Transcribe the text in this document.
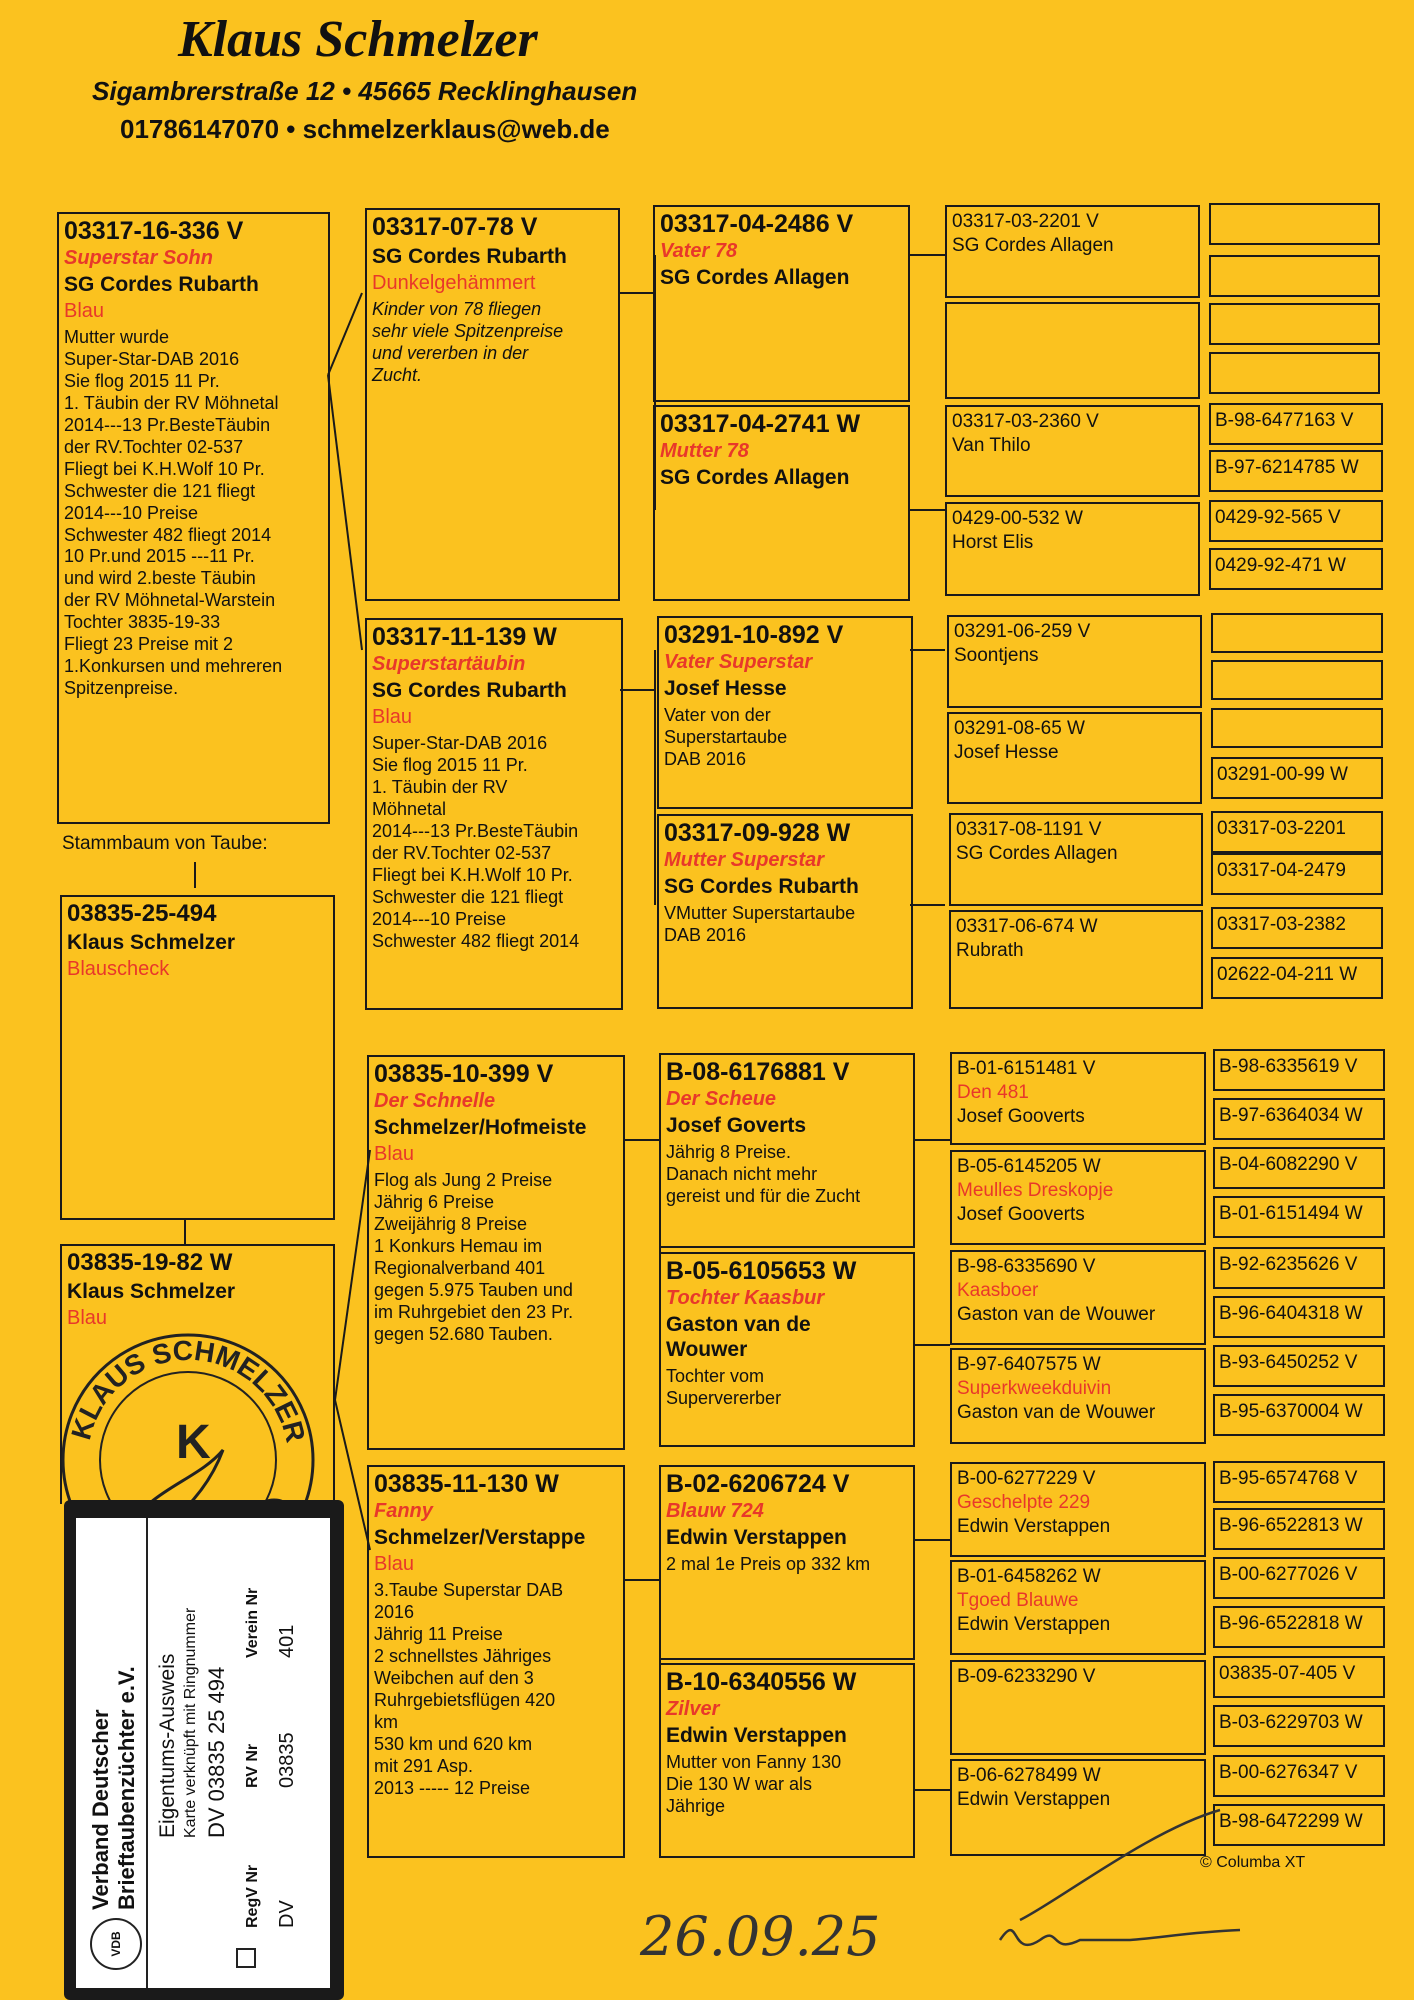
Klaus Schmelzer
Sigambrerstraße 12 • 45665 Recklinghausen
01786147070 • schmelzerklaus@web.de
03317-16-336 V
Superstar Sohn
SG Cordes Rubarth
Blau
Mutter wurde
Super-Star-DAB 2016
Sie flog 2015 11 Pr.
1. Täubin der RV Möhnetal
2014---13 Pr.BesteTäubin
der RV.Tochter 02-537
Fliegt bei K.H.Wolf 10 Pr.
Schwester die 121 fliegt
2014---10 Preise
Schwester 482 fliegt 2014
10 Pr.und 2015 ---11 Pr.
und wird 2.beste Täubin
der RV Möhnetal-Warstein
Tochter 3835-19-33
Fliegt 23 Preise mit 2
1.Konkursen und mehreren
Spitzenpreise.
Stammbaum von Taube:
03835-25-494
Klaus Schmelzer
Blauscheck
03835-19-82 W
Klaus Schmelzer
Blau
03317-07-78 V
SG Cordes Rubarth
Dunkelgehämmert
Kinder von 78 fliegen
sehr viele Spitzenpreise
und vererben in der
Zucht.
03317-11-139 W
Superstartäubin
SG Cordes Rubarth
Blau
Super-Star-DAB 2016
Sie flog 2015 11 Pr.
1. Täubin der RV
Möhnetal
2014---13 Pr.BesteTäubin
der RV.Tochter 02-537
Fliegt bei K.H.Wolf 10 Pr.
Schwester die 121 fliegt
2014---10 Preise
Schwester 482 fliegt 2014
03835-10-399 V
Der Schnelle
Schmelzer/Hofmeiste
Blau
Flog als Jung 2 Preise
Jährig 6 Preise
Zweijährig 8 Preise
1 Konkurs Hemau im
Regionalverband 401
gegen 5.975 Tauben und
im Ruhrgebiet den 23 Pr.
gegen 52.680 Tauben.
03835-11-130 W
Fanny
Schmelzer/Verstappe
Blau
3.Taube Superstar DAB
2016
Jährig 11 Preise
2 schnellstes Jähriges
Weibchen auf den 3
Ruhrgebietsflügen 420
km
530 km und 620 km
mit 291 Asp.
2013 ----- 12 Preise
03317-04-2486 V
Vater 78
SG Cordes Allagen
03317-04-2741 W
Mutter 78
SG Cordes Allagen
03291-10-892 V
Vater Superstar
Josef Hesse
Vater von der
Superstartaube
DAB 2016
03317-09-928 W
Mutter Superstar
SG Cordes Rubarth
VMutter Superstartaube
DAB 2016
B-08-6176881 V
Der Scheue
Josef Goverts
Jährig 8 Preise.
Danach nicht mehr
gereist und für die Zucht
B-05-6105653 W
Tochter Kaasbur
Gaston van de
Wouwer
Tochter vom
Supervererber
B-02-6206724 V
Blauw 724
Edwin Verstappen
2 mal 1e Preis op 332 km
B-10-6340556 W
Zilver
Edwin Verstappen
Mutter von Fanny 130
Die 130 W war als
Jährige
03317-03-2201 V
SG Cordes Allagen
03317-03-2360 V
Van Thilo
0429-00-532 W
Horst Elis
03291-06-259 V
Soontjens
03291-08-65 W
Josef Hesse
03317-08-1191 V
SG Cordes Allagen
03317-06-674 W
Rubrath
B-01-6151481 V
Den 481
Josef Gooverts
B-05-6145205 W
Meulles Dreskopje
Josef Gooverts
B-98-6335690 V
Kaasboer
Gaston van de Wouwer
B-97-6407575 W
Superkweekduivin
Gaston van de Wouwer
B-00-6277229 V
Geschelpte 229
Edwin Verstappen
B-01-6458262 W
Tgoed Blauwe
Edwin Verstappen
B-09-6233290 V
B-06-6278499 W
Edwin Verstappen
B-98-6477163 V
B-97-6214785 W
0429-92-565 V
0429-92-471 W
03291-00-99 W
03317-03-2201
03317-04-2479
03317-03-2382
02622-04-211 W
B-98-6335619 V
B-97-6364034 W
B-04-6082290 V
B-01-6151494 W
B-92-6235626 V
B-96-6404318 W
B-93-6450252 V
B-95-6370004 W
B-95-6574768 V
B-96-6522813 W
B-00-6277026 V
B-96-6522818 W
03835-07-405 V
B-03-6229703 W
B-00-6276347 V
B-98-6472299 W
KLAUS SCHMELZER
K
VDB
Verband Deutscher Brieftaubenzüchter e.V. Eigentums-Ausweis Karte verknüpft mit Ringnummer DV 03835 25 494
RegV Nr
RV Nr
Verein Nr
DV
03835
401
© Columba XT
26.09.25
